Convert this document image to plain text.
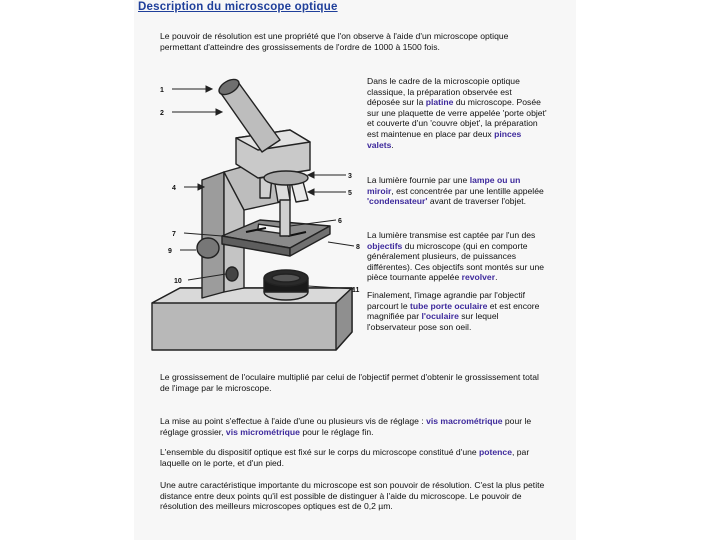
Description du microscope optique
Le pouvoir de résolution est une propriété que l'on observe à l'aide d'un microscope optique permettant d'atteindre des grossissements de l'ordre de 1000 à 1500 fois.
1
2
3
4
5
6
7
8
9
10
11
Dans le cadre de la microscopie optique classique, la préparation observée est déposée sur la platine du microscope. Posée sur une plaquette de verre appelée 'porte objet' et couverte d'un 'couvre objet', la préparation est maintenue en place par deux pinces valets.
La lumière fournie par une lampe ou un miroir, est concentrée par une lentille appelée 'condensateur' avant de traverser l'objet.
La lumière transmise est captée par l'un des objectifs du microscope (qui en comporte généralement plusieurs, de puissances différentes). Ces objectifs sont montés sur une pièce tournante appelée revolver.
Finalement, l'image agrandie par l'objectif parcourt le tube porte oculaire et est encore magnifiée par l'oculaire sur lequel l'observateur pose son oeil.
Le grossissement de l'oculaire multiplié par celui de l'objectif permet d'obtenir le grossissement total de l'image par le microscope.
La mise au point s'effectue à l'aide d'une ou plusieurs vis de réglage : vis macrométrique pour le réglage grossier, vis micrométrique pour le réglage fin.
L'ensemble du dispositif optique est fixé sur le corps du microscope constitué d'une potence, par laquelle on le porte, et d'un pied.
Une autre caractéristique importante du microscope est son pouvoir de résolution. C'est la plus petite distance entre deux points qu'il est possible de distinguer à l'aide du microscope. Le pouvoir de résolution des meilleurs microscopes optiques est de 0,2 µm.
